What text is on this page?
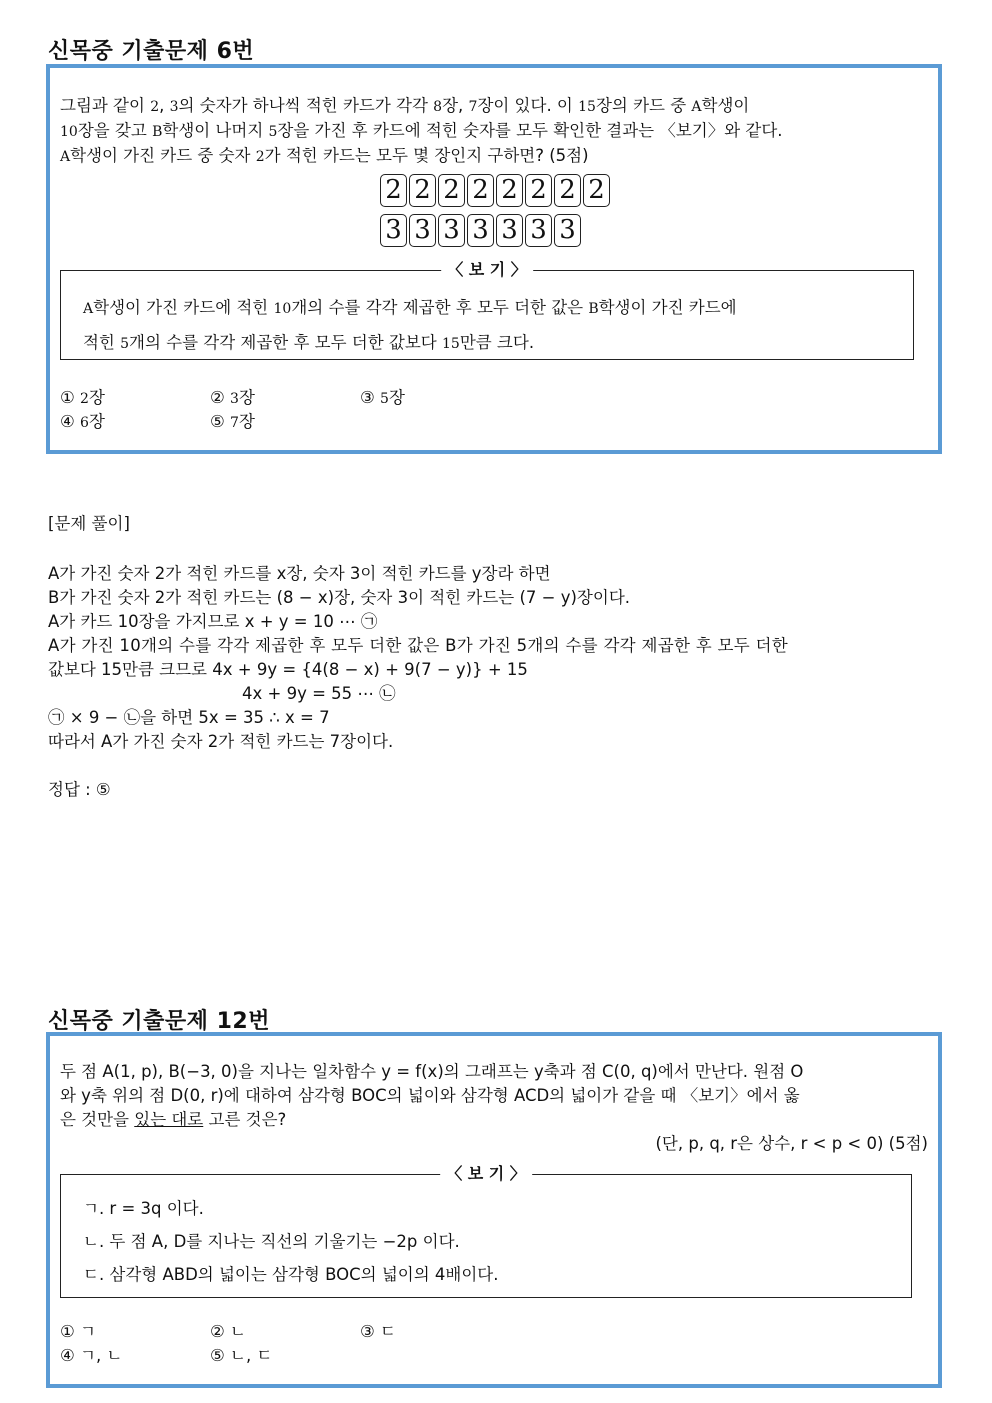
신목중 기출문제 6번
그림과 같이 2, 3의 숫자가 하나씩 적힌 카드가 각각 8장, 7장이 있다. 이 15장의 카드 중 A학생이
10장을 갖고 B학생이 나머지 5장을 가진 후 카드에 적힌 숫자를 모두 확인한 결과는 〈보기〉와 같다.
A학생이 가진 카드 중 숫자 2가 적힌 카드는 모두 몇 장인지 구하면? (5점)
2 2 2 2 2 2 2 2
3 3 3 3 3 3 3
〈 보 기 〉
A학생이 가진 카드에 적힌 10개의 수를 각각 제곱한 후 모두 더한 값은 B학생이 가진 카드에
적힌 5개의 수를 각각 제곱한 후 모두 더한 값보다 15만큼 크다.
① 2장	② 3장	③ 5장
④ 6장	⑤ 7장
[문제 풀이]
A가 가진 숫자 2가 적힌 카드를 x장, 숫자 3이 적힌 카드를 y장라 하면
B가 가진 숫자 2가 적힌 카드는 (8 − x)장, 숫자 3이 적힌 카드는 (7 − y)장이다.
A가 카드 10장을 가지므로 x + y = 10 ⋯ ㉠
A가 가진 10개의 수를 각각 제곱한 후 모두 더한 값은 B가 가진 5개의 수를 각각 제곱한 후 모두 더한
값보다 15만큼 크므로 4x + 9y = {4(8 − x) + 9(7 − y)} + 15
4x + 9y = 55 ⋯ ㉡
㉠ × 9 − ㉡을 하면 5x = 35 ∴ x = 7
따라서 A가 가진 숫자 2가 적힌 카드는 7장이다.
정답 : ⑤
신목중 기출문제 12번
두 점 A(1, p), B(−3, 0)을 지나는 일차함수 y = f(x)의 그래프는 y축과 점 C(0, q)에서 만난다. 원점 O
와 y축 위의 점 D(0, r)에 대하여 삼각형 BOC의 넓이와 삼각형 ACD의 넓이가 같을 때 〈보기〉에서 옳
은 것만을 있는 대로 고른 것은?
(단, p, q, r은 상수, r < p < 0) (5점)
〈 보 기 〉
ㄱ. r = 3q 이다.
ㄴ. 두 점 A, D를 지나는 직선의 기울기는 −2p 이다.
ㄷ. 삼각형 ABD의 넓이는 삼각형 BOC의 넓이의 4배이다.
① ㄱ	② ㄴ	③ ㄷ
④ ㄱ, ㄴ	⑤ ㄴ, ㄷ
